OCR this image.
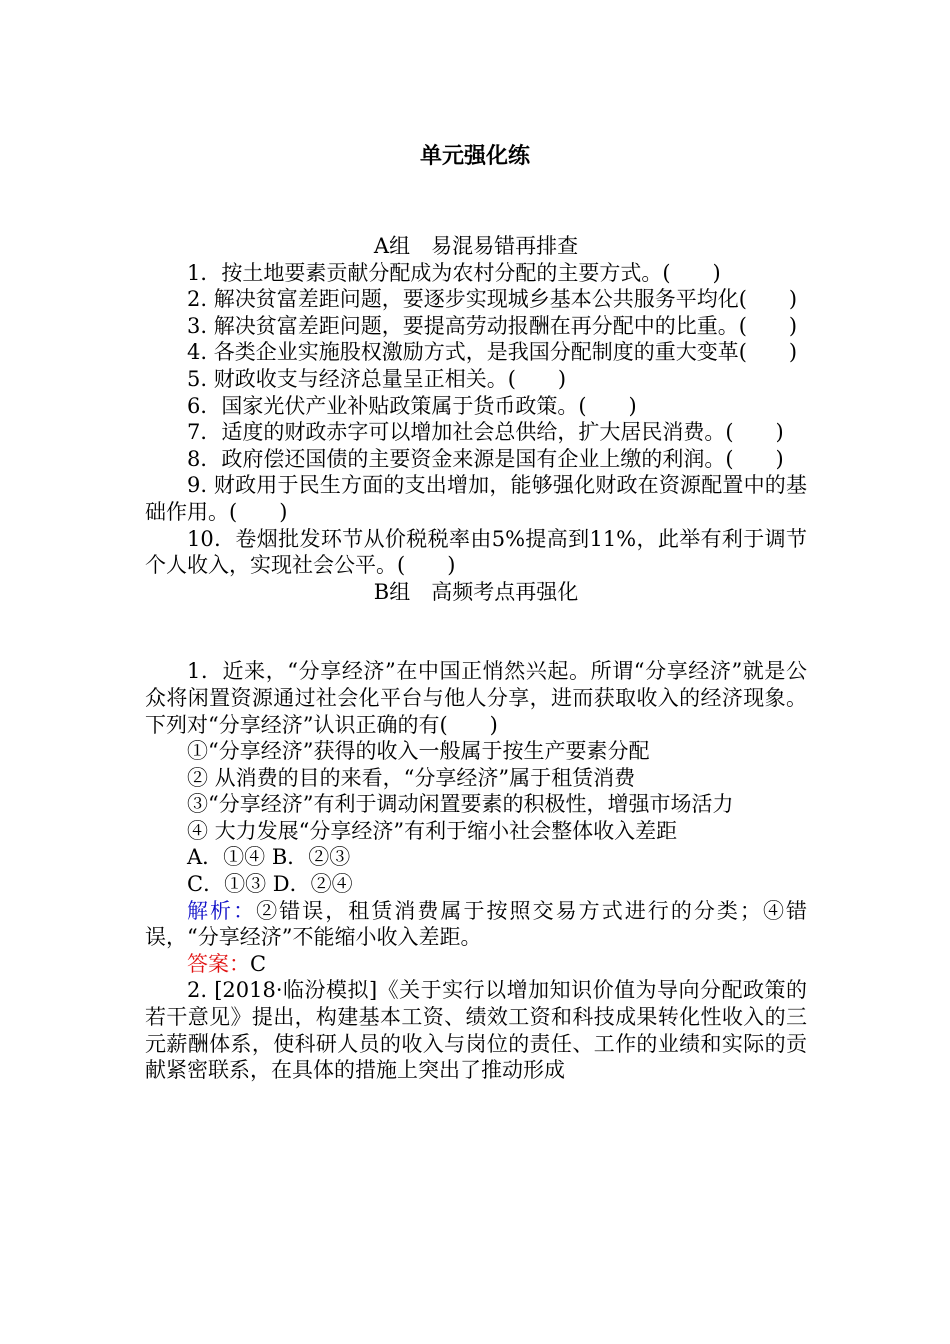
单元强化练

A组　易混易错再排查

1．按土地要素贡献分配成为农村分配的主要方式。(　　)

2. 解决贫富差距问题，要逐步实现城乡基本公共服务平均化(　　)

3. 解决贫富差距问题，要提高劳动报酬在再分配中的比重。(　　)

4. 各类企业实施股权激励方式，是我国分配制度的重大变革(　　)

5. 财政收支与经济总量呈正相关。(　　)

6．国家光伏产业补贴政策属于货币政策。(　　)

7．适度的财政赤字可以增加社会总供给，扩大居民消费。(　　)

8．政府偿还国债的主要资金来源是国有企业上缴的利润。(　　)

9. 财政用于民生方面的支出增加，能够强化财政在资源配置中的基础作用。(　　)

10．卷烟批发环节从价税税率由5%提高到11%，此举有利于调节个人收入，实现社会公平。(　　)

B组　高频考点再强化

1．近来，“分享经济”在中国正悄然兴起。所谓“分享经济”就是公众将闲置资源通过社会化平台与他人分享，进而获取收入的经济现象。下列对“分享经济”认识正确的有(　　)

①“分享经济”获得的收入一般属于按生产要素分配

② 从消费的目的来看，“分享经济”属于租赁消费

③“分享经济”有利于调动闲置要素的积极性，增强市场活力

④ 大力发展“分享经济”有利于缩小社会整体收入差距

A．①④ B．②③

C．①③ D．②④

解析：②错误，租赁消费属于按照交易方式进行的分类；④错误，“分享经济”不能缩小收入差距。

答案：C

2. [2018·临汾模拟]《关于实行以增加知识价值为导向分配政策的若干意见》提出，构建基本工资、绩效工资和科技成果转化性收入的三元薪酬体系，使科研人员的收入与岗位的责任、工作的业绩和实际的贡献紧密联系，在具体的措施上突出了推动形成
